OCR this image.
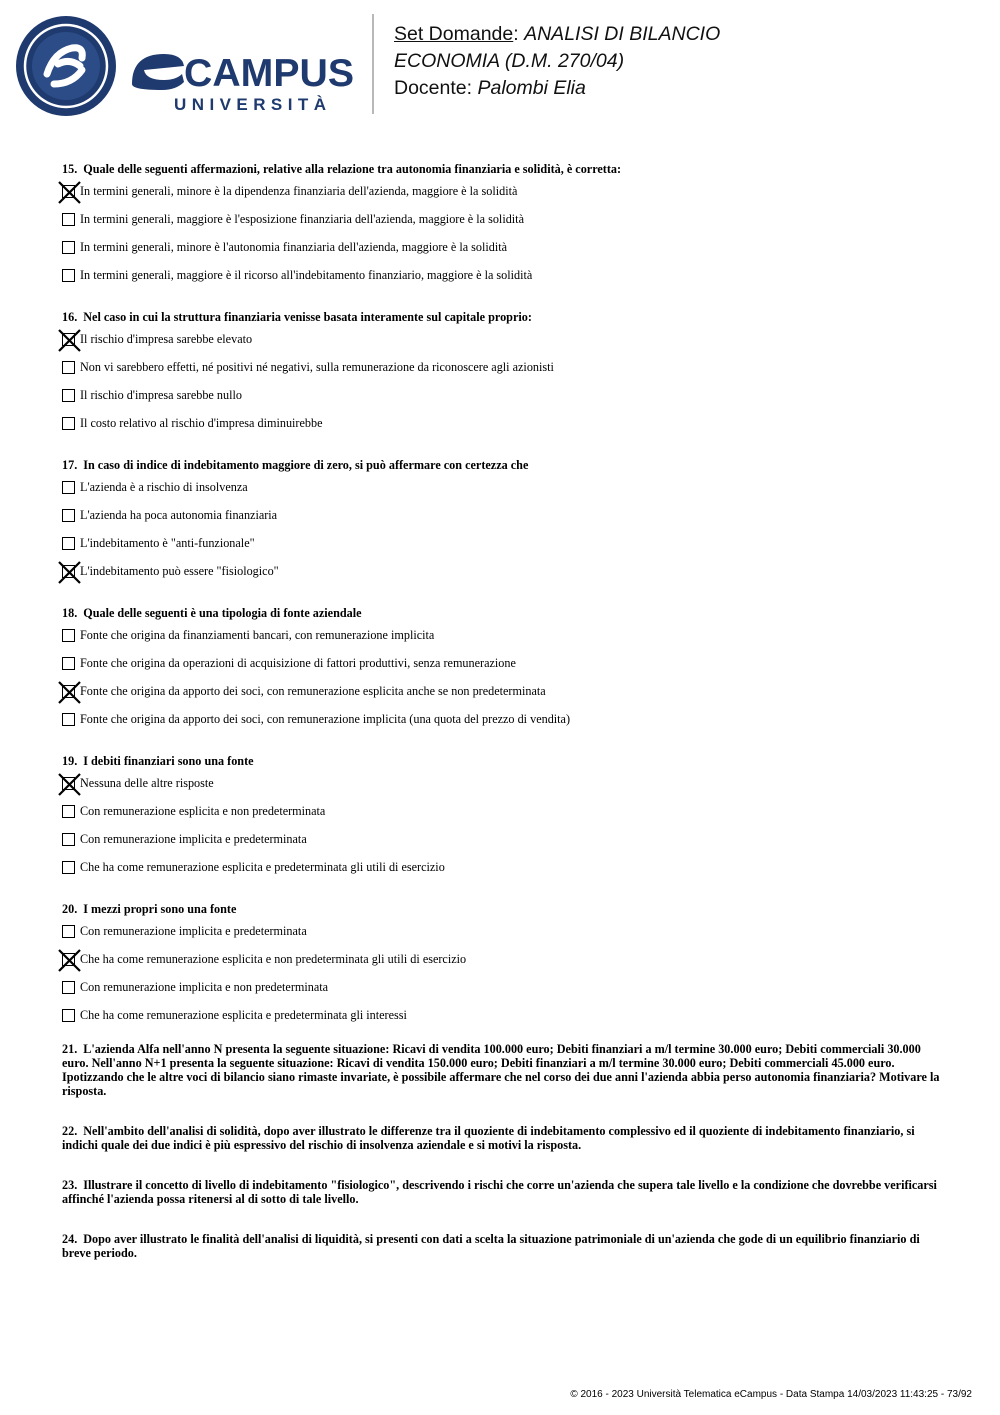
CAMPUS
UNIVERSITÀ
Set Domande: ANALISI DI BILANCIO
ECONOMIA (D.M. 270/04)
Docente: Palombi Elia

15. Quale delle seguenti affermazioni, relative alla relazione tra autonomia finanziaria e solidità, è corretta:

In termini generali, minore è la dipendenza finanziaria dell'azienda, maggiore è la solidità
In termini generali, maggiore è l'esposizione finanziaria dell'azienda, maggiore è la solidità
In termini generali, minore è l'autonomia finanziaria dell'azienda, maggiore è la solidità
In termini generali, maggiore è il ricorso all'indebitamento finanziario, maggiore è la solidità

16. Nel caso in cui la struttura finanziaria venisse basata interamente sul capitale proprio:

Il rischio d'impresa sarebbe elevato
Non vi sarebbero effetti, né positivi né negativi, sulla remunerazione da riconoscere agli azionisti
Il rischio d'impresa sarebbe nullo
Il costo relativo al rischio d'impresa diminuirebbe

17. In caso di indice di indebitamento maggiore di zero, si può affermare con certezza che

L'azienda è a rischio di insolvenza
L'azienda ha poca autonomia finanziaria
L'indebitamento è "anti-funzionale"
L'indebitamento può essere "fisiologico"

18. Quale delle seguenti è una tipologia di fonte aziendale

Fonte che origina da finanziamenti bancari, con remunerazione implicita
Fonte che origina da operazioni di acquisizione di fattori produttivi, senza remunerazione
Fonte che origina da apporto dei soci, con remunerazione esplicita anche se non predeterminata
Fonte che origina da apporto dei soci, con remunerazione implicita (una quota del prezzo di vendita)

19. I debiti finanziari sono una fonte

Nessuna delle altre risposte
Con remunerazione esplicita e non predeterminata
Con remunerazione implicita e predeterminata
Che ha come remunerazione esplicita e predeterminata gli utili di esercizio

20. I mezzi propri sono una fonte

Con remunerazione implicita e predeterminata
Che ha come remunerazione esplicita e non predeterminata gli utili di esercizio
Con remunerazione implicita e non predeterminata
Che ha come remunerazione esplicita e predeterminata gli interessi

21. L'azienda Alfa nell'anno N presenta la seguente situazione: Ricavi di vendita 100.000 euro; Debiti finanziari a m/l termine 30.000 euro; Debiti commerciali 30.000 euro. Nell'anno N+1 presenta la seguente situazione: Ricavi di vendita 150.000 euro; Debiti finanziari a m/l termine 30.000 euro; Debiti commerciali 45.000 euro. Ipotizzando che le altre voci di bilancio siano rimaste invariate, è possibile affermare che nel corso dei due anni l'azienda abbia perso autonomia finanziaria? Motivare la risposta.

22. Nell'ambito dell'analisi di solidità, dopo aver illustrato le differenze tra il quoziente di indebitamento complessivo ed il quoziente di indebitamento finanziario, si indichi quale dei due indici è più espressivo del rischio di insolvenza aziendale e si motivi la risposta.

23. Illustrare il concetto di livello di indebitamento "fisiologico", descrivendo i rischi che corre un'azienda che supera tale livello e la condizione che dovrebbe verificarsi affinché l'azienda possa ritenersi al di sotto di tale livello.

24. Dopo aver illustrato le finalità dell'analisi di liquidità, si presenti con dati a scelta la situazione patrimoniale di un'azienda che gode di un equilibrio finanziario di breve periodo.

© 2016 - 2023 Università Telematica eCampus - Data Stampa 14/03/2023 11:43:25 - 73/92
